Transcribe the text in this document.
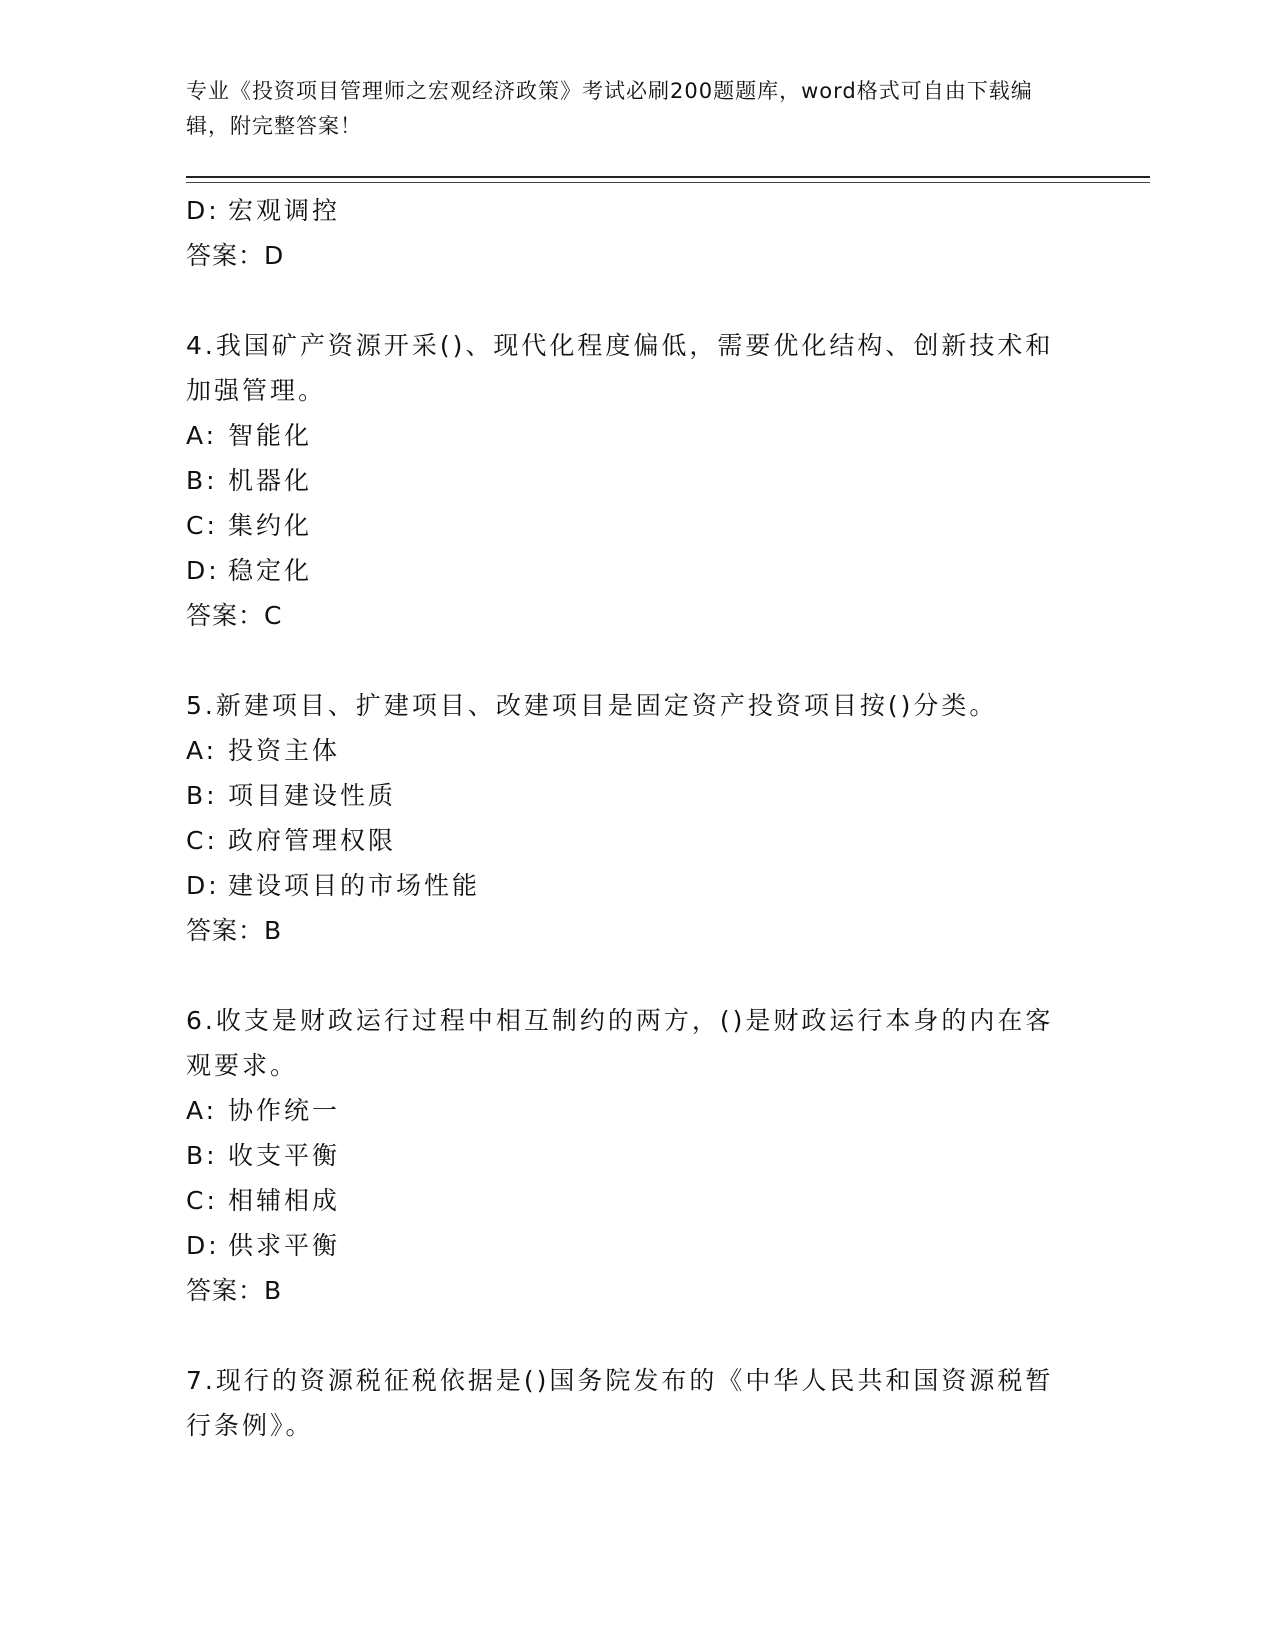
专业《投资项目管理师之宏观经济政策》考试必刷200题题库，word格式可自由下载编辑，附完整答案！
D: 宏观调控
答案：D
4.我国矿产资源开采()、现代化程度偏低，需要优化结构、创新技术和加强管理。
A: 智能化
B: 机器化
C: 集约化
D: 稳定化
答案：C
5.新建项目、扩建项目、改建项目是固定资产投资项目按()分类。
A: 投资主体
B: 项目建设性质
C: 政府管理权限
D: 建设项目的市场性能
答案：B
6.收支是财政运行过程中相互制约的两方，()是财政运行本身的内在客观要求。
A: 协作统一
B: 收支平衡
C: 相辅相成
D: 供求平衡
答案：B
7.现行的资源税征税依据是()国务院发布的《中华人民共和国资源税暂行条例》。
